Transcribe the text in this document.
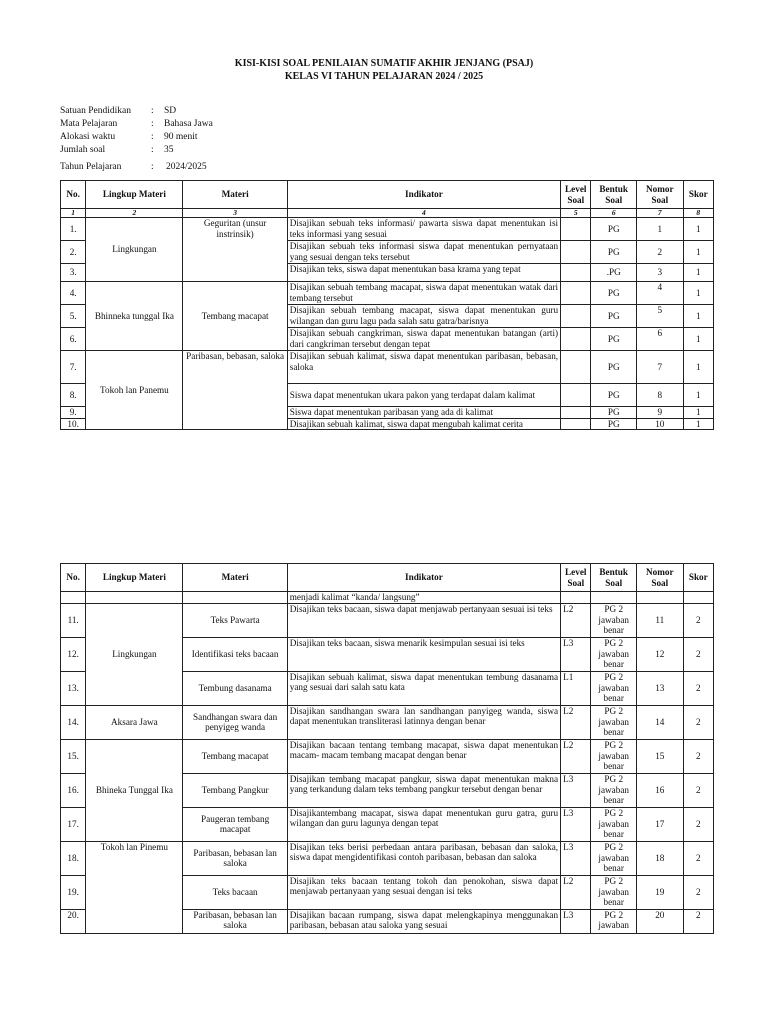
KISI-KISI SOAL PENILAIAN SUMATIF AKHIR JENJANG (PSAJ)
KELAS VI TAHUN PELAJARAN 2024 / 2025
Satuan Pendidikan : SD
Mata Pelajaran	: Bahasa Jawa
Alokasi waktu	: 90 menit
Jumlah soal	: 35
Tahun Pelajaran	: 2024/2025
No.	Lingkup Materi	Materi	Indikator	Level Soal	Bentuk Soal	Nomor Soal	Skor
1	2	3	4	5	6	7	8
1.	Lingkungan	Geguritan (unsur instrinsik)	Disajikan sebuah teks informasi/ pawarta siswa dapat menentukan isi teks informasi yang sesuai		PG	1	1
2.			Disajikan sebuah teks informasi siswa dapat menentukan pernyataan yang sesuai dengan teks tersebut		PG	2	1
3.			Disajikan teks, siswa dapat menentukan basa krama yang tepat		.PG	3	1
4.	Bhinneka tunggal Ika	Tembang macapat	Disajikan sebuah tembang macapat, siswa dapat menentukan watak dari tembang tersebut		PG	4	1
5.			Disajikan sebuah tembang macapat, siswa dapat menentukan guru wilangan dan guru lagu pada salah satu gatra/barisnya		PG	5	1
6.			Disajikan sebuah cangkriman, siswa dapat menentukan batangan (arti) dari cangkriman tersebut dengan tepat		PG	6	1
7.	Tokoh lan Panemu	Paribasan, bebasan, saloka	Disajikan sebuah kalimat, siswa dapat menentukan paribasan, bebasan, saloka		PG	7	1
8.			Siswa dapat menentukan ukara pakon yang terdapat dalam kalimat		PG	8	1
9.			Siswa dapat menentukan paribasan yang ada di kalimat		PG	9	1
10.			Disajikan sebuah kalimat, siswa dapat mengubah kalimat cerita		PG	10	1
No.	Lingkup Materi	Materi	Indikator	Level Soal	Bentuk Soal	Nomor Soal	Skor
			menjadi kalimat “kanda/ langsung”				
11.	Lingkungan	Teks Pawarta	Disajikan teks bacaan, siswa dapat menjawab pertanyaan sesuai isi teks	L2	PG 2 jawaban benar	11	2
12.		Identifikasi teks bacaan	Disajikan teks bacaan, siswa menarik kesimpulan sesuai isi teks	L3	PG 2 jawaban benar	12	2
13.		Tembung dasanama	Disajikan sebuah kalimat, siswa dapat menentukan tembung dasanama yang sesuai dari salah satu kata	L1	PG 2 jawaban benar	13	2
14.	Aksara Jawa	Sandhangan swara dan penyigeg wanda	Disajikan sandhangan swara lan sandhangan panyigeg wanda, siswa dapat menentukan transliterasi latinnya dengan benar	L2	PG 2 jawaban benar	14	2
15.	Bhineka Tunggal Ika	Tembang macapat	Disajikan bacaan tentang tembang macapat, siswa dapat menentukan macam- macam tembang macapat dengan benar	L2	PG 2 jawaban benar	15	2
16.		Tembang Pangkur	Disajikan tembang macapat pangkur, siswa dapat menentukan makna yang terkandung dalam teks tembang pangkur tersebut dengan benar	L3	PG 2 jawaban benar	16	2
17.		Paugeran tembang macapat	Disajikantembang macapat, siswa dapat menentukan guru gatra, guru wilangan dan guru lagunya dengan tepat	L3	PG 2 jawaban benar	17	2
18.	Tokoh lan Pinemu	Paribasan, bebasan lan saloka	Disajikan teks berisi perbedaan antara paribasan, bebasan dan saloka, siswa dapat mengidentifikasi contoh paribasan, bebasan dan saloka	L3	PG 2 jawaban benar	18	2
19.		Teks bacaan	Disajikan teks bacaan tentang tokoh dan penokohan, siswa dapat menjawab pertanyaan yang sesuai dengan isi teks	L2	PG 2 jawaban benar	19	2
20.		Paribasan, bebasan lan saloka	Disajikan bacaan rumpang, siswa dapat melengkapinya menggunakan paribasan, bebasan atau saloka yang sesuai	L3	PG 2 jawaban	20	2
